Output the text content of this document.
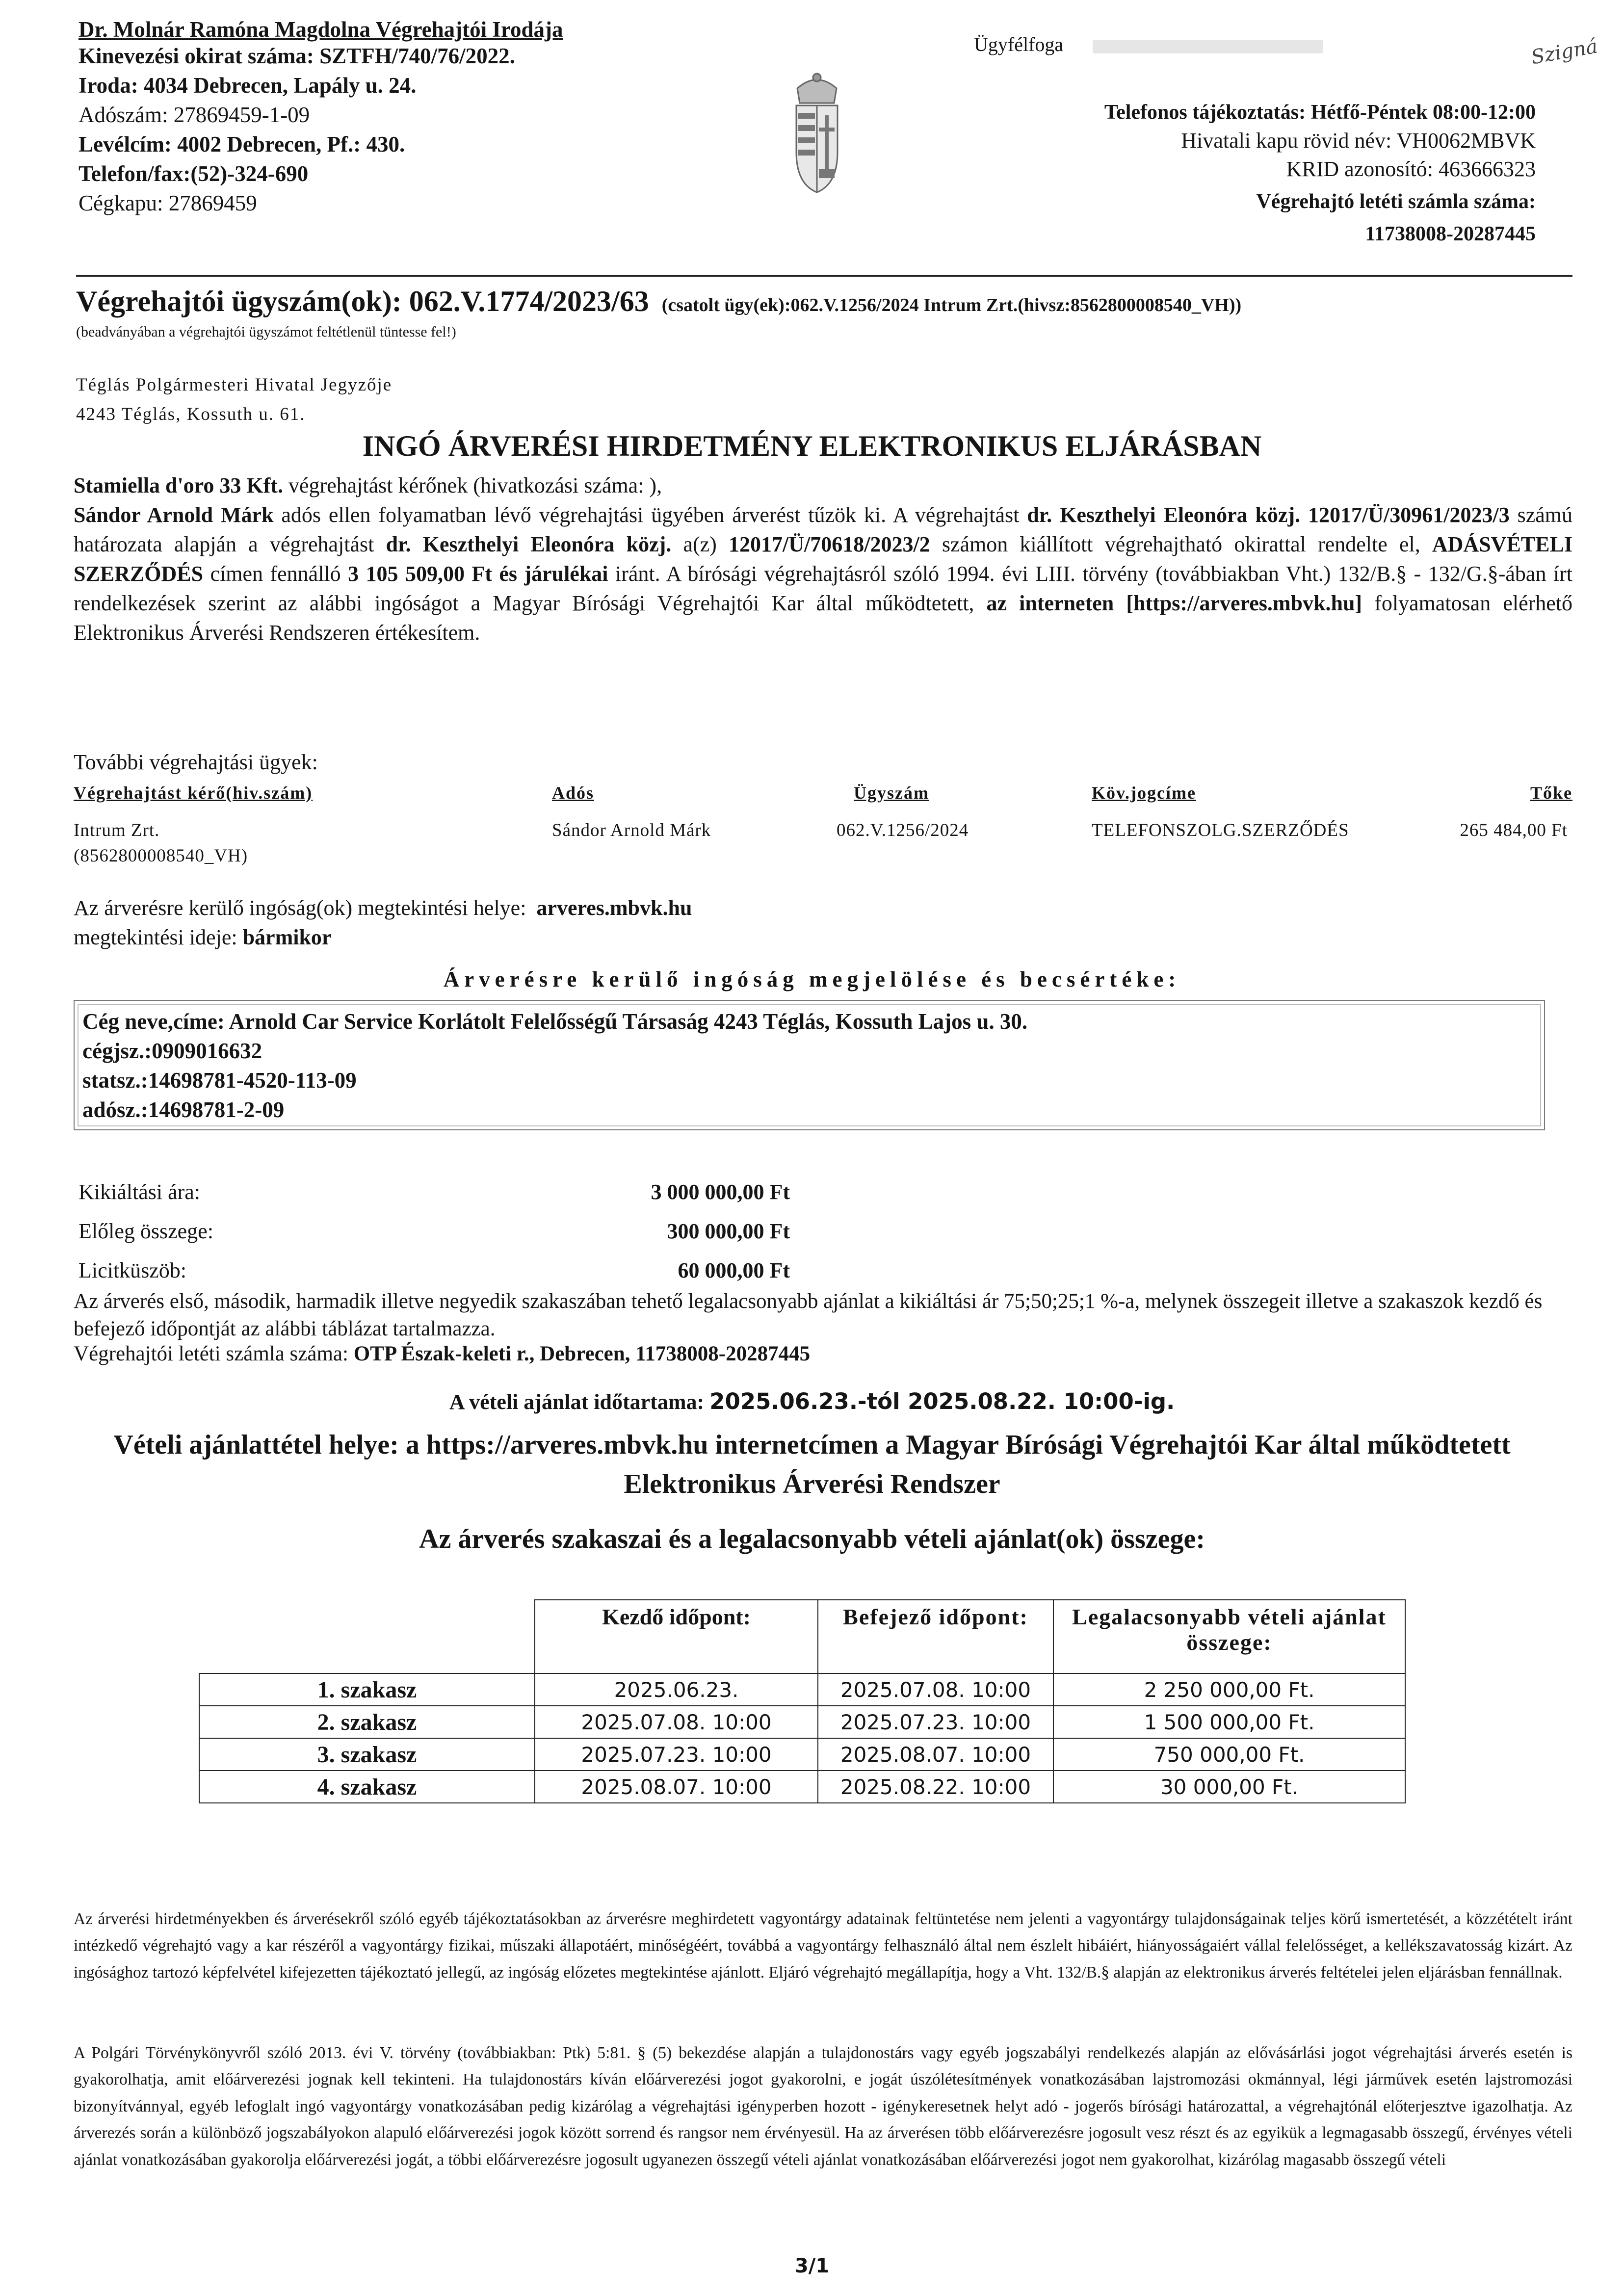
Dr. Molnár Ramóna Magdolna Végrehajtói Irodája
Kinevezési okirat száma: SZTFH/740/76/2022.
Iroda: 4034 Debrecen, Lapály u. 24.
Adószám: 27869459-1-09
Levélcím: 4002 Debrecen, Pf.: 430.
Telefon/fax:(52)-324-690
Cégkapu: 27869459
Ügyfélfoga	Szigná
Telefonos tájékoztatás: Hétfő-Péntek 08:00-12:00
Hivatali kapu rövid név: VH0062MBVK
KRID azonosító: 463666323
Végrehajtó letéti számla száma:
11738008-20287445
Végrehajtói ügyszám(ok): 062.V.1774/2023/63 (csatolt ügy(ek):062.V.1256/2024 Intrum Zrt.(hivsz:8562800008540_VH))
(beadványában a végrehajtói ügyszámot feltétlenül tüntesse fel!)
Téglás Polgármesteri Hivatal Jegyzője
4243 Téglás, Kossuth u. 61.
INGÓ ÁRVERÉSI HIRDETMÉNY ELEKTRONIKUS ELJÁRÁSBAN
Stamiella d'oro 33 Kft. végrehajtást kérőnek (hivatkozási száma: ),
Sándor Arnold Márk adós ellen folyamatban lévő végrehajtási ügyében árverést tűzök ki. A végrehajtást dr. Keszthelyi Eleonóra közj. 12017/Ü/30961/2023/3 számú határozata alapján a végrehajtást dr. Keszthelyi Eleonóra közj. a(z) 12017/Ü/70618/2023/2 számon kiállított végrehajtható okirattal rendelte el, ADÁSVÉTELI SZERZŐDÉS címen fennálló 3 105 509,00 Ft és járulékai iránt. A bírósági végrehajtásról szóló 1994. évi LIII. törvény (továbbiakban Vht.) 132/B.§ - 132/G.§-ában írt rendelkezések szerint az alábbi ingóságot a Magyar Bírósági Végrehajtói Kar által működtetett, az interneten [https://arveres.mbvk.hu] folyamatosan elérhető Elektronikus Árverési Rendszeren értékesítem.
További végrehajtási ügyek:
Végrehajtást kérő(hiv.szám)	Adós	Ügyszám	Köv.jogcíme	Tőke
Intrum Zrt.
(8562800008540_VH)
Sándor Arnold Márk	062.V.1256/2024	TELEFONSZOLG.SZERZŐDÉS	265 484,00 Ft
Az árverésre kerülő ingóság(ok) megtekintési helye: arveres.mbvk.hu
megtekintési ideje: bármikor
Árverésre kerülő ingóság megjelölése és becsértéke:
Cég neve,címe: Arnold Car Service Korlátolt Felelősségű Társaság 4243 Téglás, Kossuth Lajos u. 30.
cégjsz.:0909016632
statsz.:14698781-4520-113-09
adósz.:14698781-2-09
Kikiáltási ára:	3 000 000,00 Ft
Előleg összege:	300 000,00 Ft
Licitküszöb:	60 000,00 Ft
Az árverés első, második, harmadik illetve negyedik szakaszában tehető legalacsonyabb ajánlat a kikiáltási ár 75;50;25;1 %-a, melynek összegeit illetve a szakaszok kezdő és befejező időpontját az alábbi táblázat tartalmazza.
Végrehajtói letéti számla száma: OTP Észak-keleti r., Debrecen, 11738008-20287445
A vételi ajánlat időtartama: 2025.06.23.-tól 2025.08.22. 10:00-ig.
Vételi ajánlattétel helye: a https://arveres.mbvk.hu internetcímen a Magyar Bírósági Végrehajtói Kar által működtetett Elektronikus Árverési Rendszer
Az árverés szakaszai és a legalacsonyabb vételi ajánlat(ok) összege:
	Kezdő időpont:	Befejező időpont:	Legalacsonyabb vételi ajánlat összege:
1. szakasz	2025.06.23.	2025.07.08. 10:00	2 250 000,00 Ft.
2. szakasz	2025.07.08. 10:00	2025.07.23. 10:00	1 500 000,00 Ft.
3. szakasz	2025.07.23. 10:00	2025.08.07. 10:00	750 000,00 Ft.
4. szakasz	2025.08.07. 10:00	2025.08.22. 10:00	30 000,00 Ft.
Az árverési hirdetményekben és árverésekről szóló egyéb tájékoztatásokban az árverésre meghirdetett vagyontárgy adatainak feltüntetése nem jelenti a vagyontárgy tulajdonságainak teljes körű ismertetését, a közzétételt iránt intézkedő végrehajtó vagy a kar részéről a vagyontárgy fizikai, műszaki állapotáért, minőségéért, továbbá a vagyontárgy felhasználó által nem észlelt hibáiért, hiányosságaiért vállal felelősséget, a kellékszavatosság kizárt. Az ingósághoz tartozó képfelvétel kifejezetten tájékoztató jellegű, az ingóság előzetes megtekintése ajánlott. Eljáró végrehajtó megállapítja, hogy a Vht. 132/B.§ alapján az elektronikus árverés feltételei jelen eljárásban fennállnak.
A Polgári Törvénykönyvről szóló 2013. évi V. törvény (továbbiakban: Ptk) 5:81. § (5) bekezdése alapján a tulajdonostárs vagy egyéb jogszabályi rendelkezés alapján az elővásárlási jogot végrehajtási árverés esetén is gyakorolhatja, amit előárverezési jognak kell tekinteni. Ha tulajdonostárs kíván előárverezési jogot gyakorolni, e jogát úszólétesítmények vonatkozásában lajstromozási okmánnyal, légi járművek esetén lajstromozási bizonyítvánnyal, egyéb lefoglalt ingó vagyontárgy vonatkozásában pedig kizárólag a végrehajtási igényperben hozott - igénykeresetnek helyt adó - jogerős bírósági határozattal, a végrehajtónál előterjesztve igazolhatja. Az árverezés során a különböző jogszabályokon alapuló előárverezési jogok között sorrend és rangsor nem érvényesül. Ha az árverésen több előárverezésre jogosult vesz részt és az egyikük a legmagasabb összegű, érvényes vételi ajánlat vonatkozásában gyakorolja előárverezési jogát, a többi előárverezésre jogosult ugyanezen összegű vételi ajánlat vonatkozásában előárverezési jogot nem gyakorolhat, kizárólag magasabb összegű vételi
3/1
